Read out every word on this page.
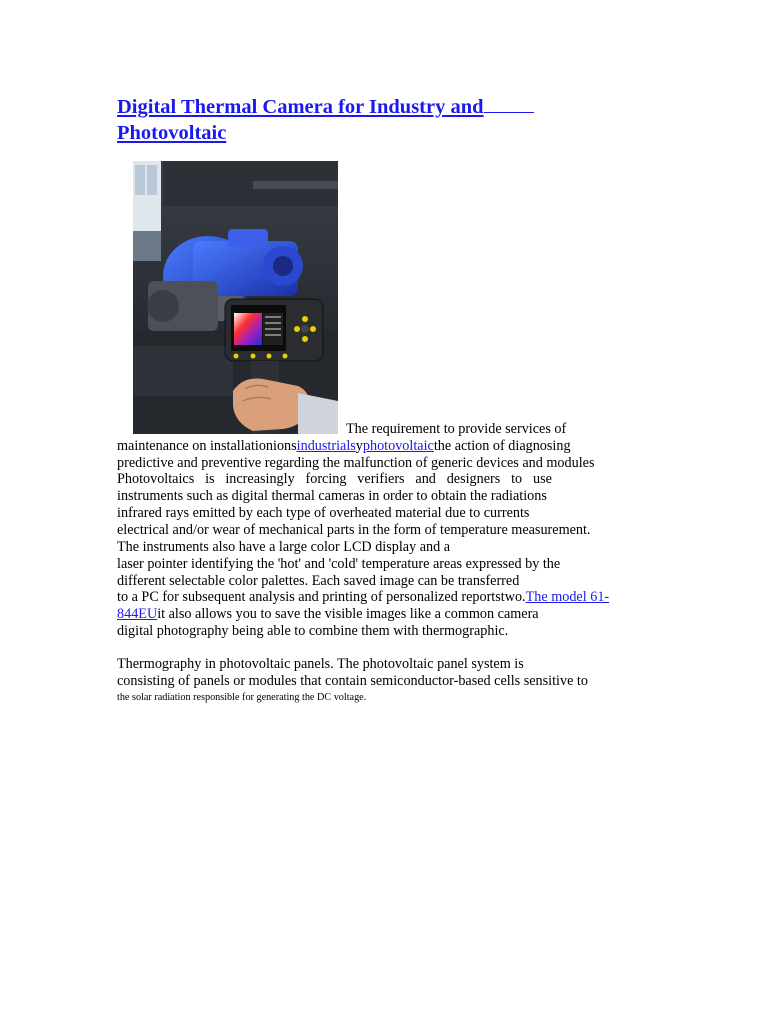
Digital Thermal Camera for Industry and
Photovoltaic
The requirement to provide services of
maintenance on installationionsindustrialsyphotovoltaicthe action of diagnosing
predictive and preventive regarding the malfunction of generic devices and modules
Photovoltaics is increasingly forcing verifiers and designers to use
instruments such as digital thermal cameras in order to obtain the radiations
infrared rays emitted by each type of overheated material due to currents
electrical and/or wear of mechanical parts in the form of temperature measurement.
The instruments also have a large color LCD display and a
laser pointer identifying the 'hot' and 'cold' temperature areas expressed by the
different selectable color palettes. Each saved image can be transferred
to a PC for subsequent analysis and printing of personalized reportstwo.The model 61-
844EUit also allows you to save the visible images like a common camera
digital photography being able to combine them with thermographic.
Thermography in photovoltaic panels. The photovoltaic panel system is
consisting of panels or modules that contain semiconductor-based cells sensitive to
the solar radiation responsible for generating the DC voltage.
